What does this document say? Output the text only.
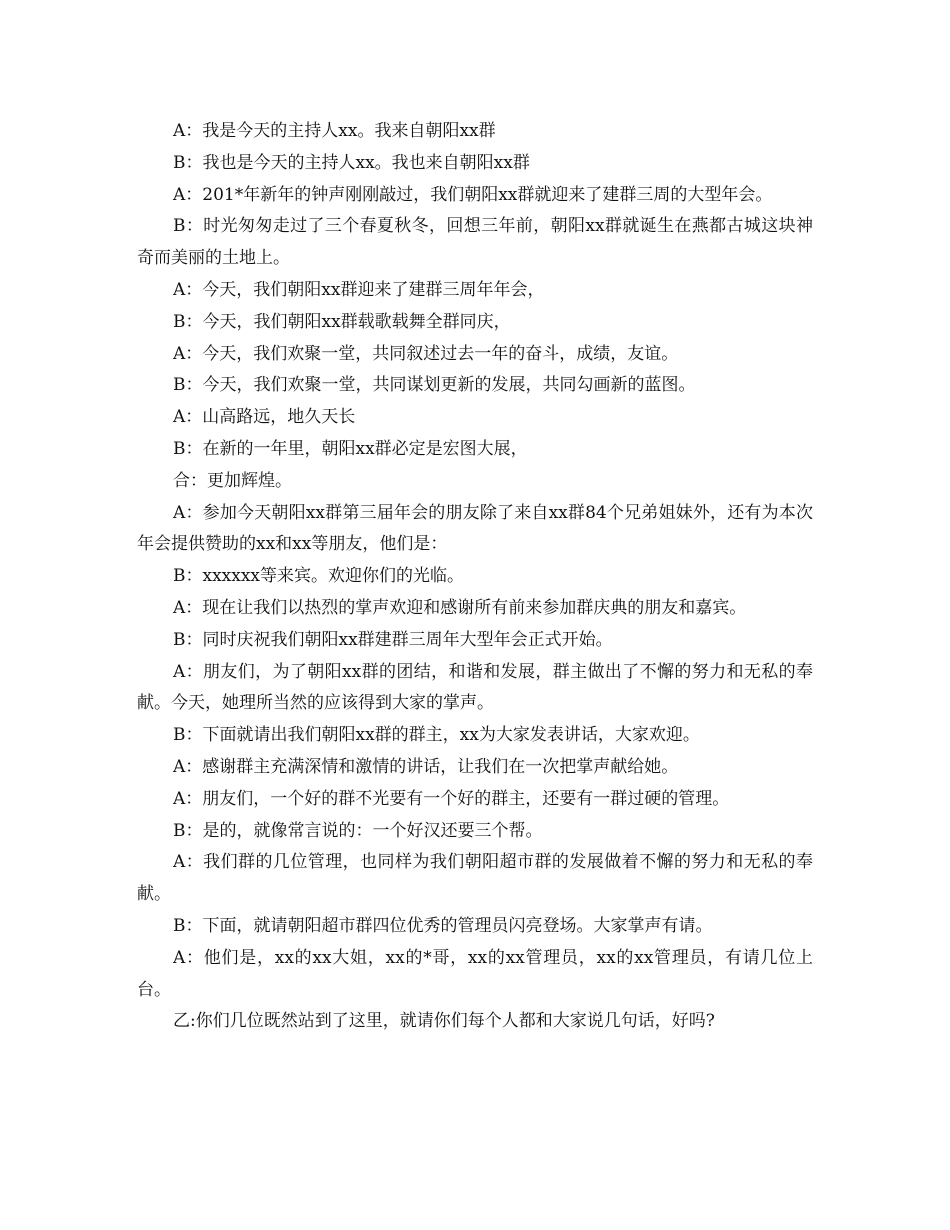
A：我是今天的主持人xx。我来自朝阳xx群

B：我也是今天的主持人xx。我也来自朝阳xx群

A：201*年新年的钟声刚刚敲过，我们朝阳xx群就迎来了建群三周的大型年会。

B：时光匆匆走过了三个春夏秋冬，回想三年前，朝阳xx群就诞生在燕都古城这块神奇而美丽的土地上。

A：今天，我们朝阳xx群迎来了建群三周年年会，

B：今天，我们朝阳xx群载歌载舞全群同庆，

A：今天，我们欢聚一堂，共同叙述过去一年的奋斗，成绩，友谊。

B：今天，我们欢聚一堂，共同谋划更新的发展，共同勾画新的蓝图。

A：山高路远，地久天长

B：在新的一年里，朝阳xx群必定是宏图大展，

合：更加辉煌。

A：参加今天朝阳xx群第三届年会的朋友除了来自xx群84个兄弟姐妹外，还有为本次年会提供赞助的xx和xx等朋友，他们是：

B：xxxxxx等来宾。欢迎你们的光临。

A：现在让我们以热烈的掌声欢迎和感谢所有前来参加群庆典的朋友和嘉宾。

B：同时庆祝我们朝阳xx群建群三周年大型年会正式开始。

A：朋友们，为了朝阳xx群的团结，和谐和发展，群主做出了不懈的努力和无私的奉献。今天，她理所当然的应该得到大家的掌声。

B：下面就请出我们朝阳xx群的群主，xx为大家发表讲话，大家欢迎。

A：感谢群主充满深情和激情的讲话，让我们在一次把掌声献给她。

A：朋友们，一个好的群不光要有一个好的群主，还要有一群过硬的管理。

B：是的，就像常言说的：一个好汉还要三个帮。

A：我们群的几位管理，也同样为我们朝阳超市群的发展做着不懈的努力和无私的奉献。

B：下面，就请朝阳超市群四位优秀的管理员闪亮登场。大家掌声有请。

A：他们是，xx的xx大姐，xx的*哥，xx的xx管理员，xx的xx管理员，有请几位上台。

乙:你们几位既然站到了这里，就请你们每个人都和大家说几句话，好吗?
